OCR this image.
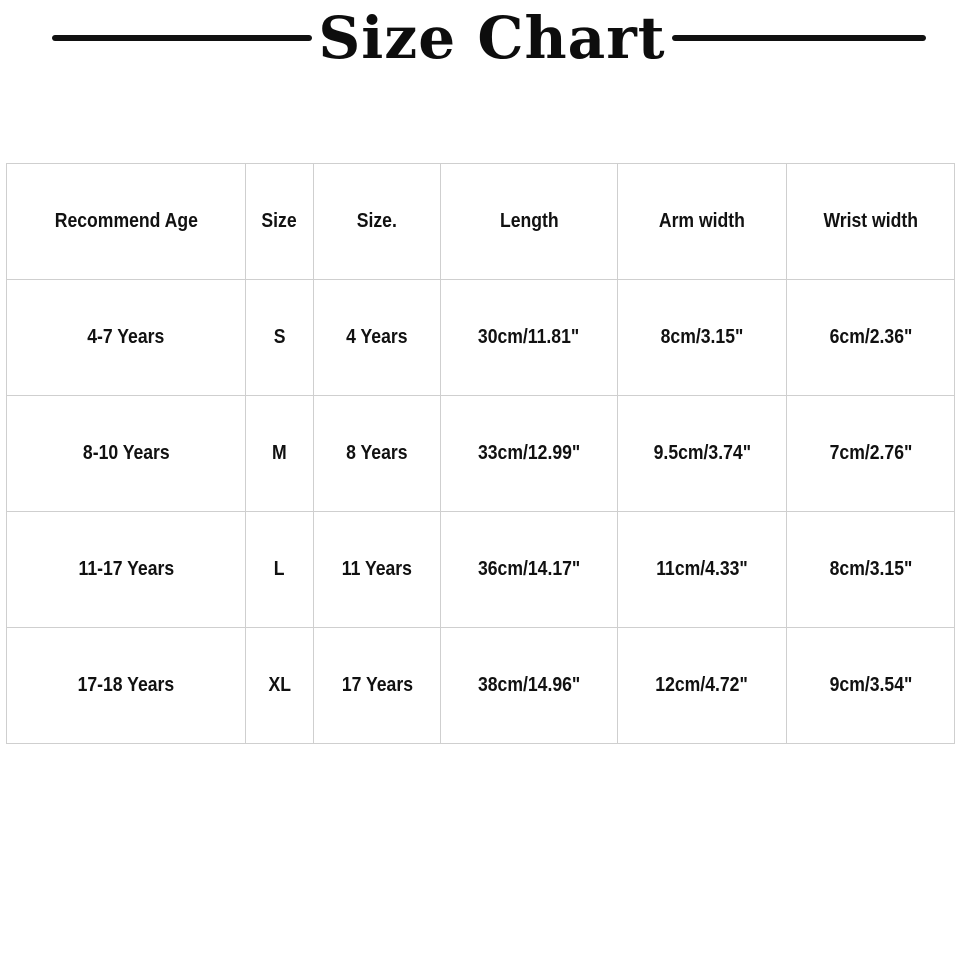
Size Chart
Recommend Age	Size	Size.	Length	Arm width	Wrist width
4-7 Years	S	4 Years	30cm/11.81"	8cm/3.15"	6cm/2.36"
8-10 Years	M	8 Years	33cm/12.99"	9.5cm/3.74"	7cm/2.76"
11-17 Years	L	11 Years	36cm/14.17"	11cm/4.33"	8cm/3.15"
17-18 Years	XL	17 Years	38cm/14.96"	12cm/4.72"	9cm/3.54"
